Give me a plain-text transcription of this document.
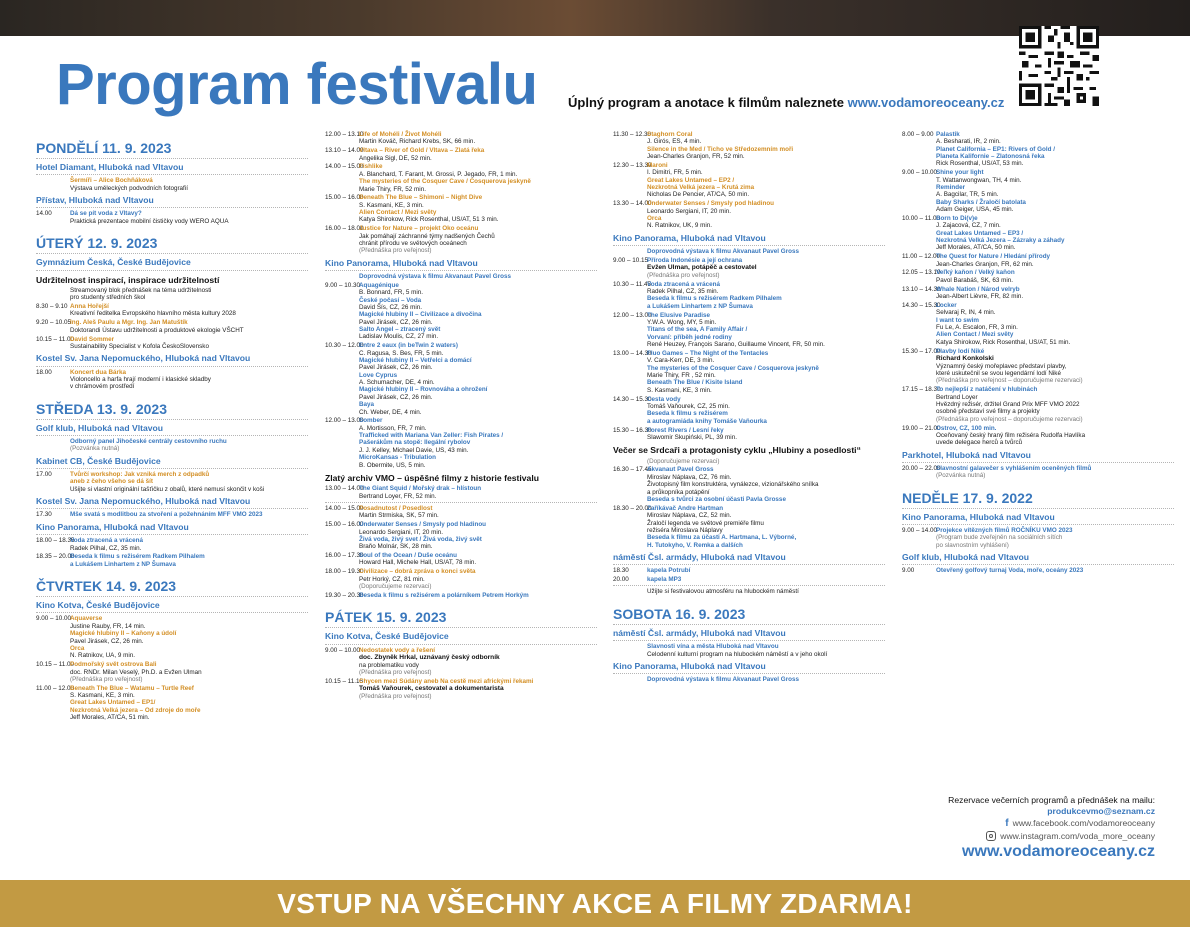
Program festivalu Úplný program a anotace k filmům naleznete www.vodamoreoceany.cz
PONDĚLÍ 11. 9. 2023
Hotel Diamant, Hluboká nad Vltavou
Šermíři – Alice Bochňáková
Výstava uměleckých podvodních fotografií
Přístav, Hluboká nad Vltavou
14.00	Dá se pít voda z Vltavy?
Praktická prezentace mobilní čističky vody WERO AQUA
ÚTERÝ 12. 9. 2023
Gymnázium Česká, České Budějovice
Udržitelnost inspirací, inspirace udržitelností
Streamovaný blok přednášek na téma udržitelnosti
pro studenty středních škol
8.30 – 9.10 Anna Hořejší
Kreativní ředitelka Evropského hlavního města kultury 2028
9.20 – 10.05
Ing. Aleš Paulu a Mgr. Ing. Jan Matuštík
Doktorandi Ústavu udržitelnosti a produktové ekologie VŠCHT
10.15 – 11.00
David Sommer
Sustainability Specialist v Kofola ČeskoSlovensko
Kostel Sv. Jana Nepomuckého, Hluboká nad Vltavou
18.00	Koncert dua Bárka
Violoncello a harfa hrají moderní i klasické skladby
v chrámovém prostředí
STŘEDA 13. 9. 2023
Golf klub, Hluboká nad Vltavou
Odborný panel Jihočeské centrály cestovního ruchu
(Pozvánka nutná)
Kabinet CB, České Budějovice
17.00	Tvůrčí workshop: Jak vzniká merch z odpadků
aneb z čeho všeho se dá šít
Ušijte si vlastní originální tašťičku z obalů, které nemusí skončit v koši
Kostel Sv. Jana Nepomuckého, Hluboká nad Vltavou
17.30	Mše svatá s modlitbou za stvoření a požehnáním MFF VMO 2023
Kino Panorama, Hluboká nad Vltavou
18.00 – 18.35
Voda ztracená a vrácená
Radek Pilhal, CZ, 35 min.
18.35 – 20.00
Beseda k filmu s režisérem Radkem Pilhalem
a Lukášem Linhartem z NP Šumava
ČTVRTEK 14. 9. 2023
Kino Kotva, České Budějovice
9.00 – 10.00
Aquaverse
Justine Rauby, FR, 14 min.
Magické hlubiny II – Kaňony a údolí
Pavel Jirásek, CZ, 26 min.
Orca
N. Ratnikov, UA, 9 min.
10.15 – 11.00
Podmořský svět ostrova Bali
doc. RNDr. Milan Veselý, Ph.D. a Evžen Ulman
(Přednáška pro veřejnost)
11.00 – 12.00
Beneath The Blue – Watamu – Turtle Reef
S. Kasmani, KE, 3 min.
Great Lakes Untamed – EP1/
Nezkrotná Velká jezera – Od zdroje do moře
Jeff Morales, AT/CA, 51 min.
12.00 – 13.10
Life of Mohéli / Život Mohéli
Martin Kováč, Richard Krebs, SK, 66 min.
13.10 – 14.00
Vltava – River of Gold / Vltava – Zlatá řeka
Angelika Sigl, DE, 52 min.
14.00 – 15.00
Fishlike
A. Blanchard, T. Farant, M. Grossi, P. Jegado, FR, 1 min.
The mysteries of the Cosquer Cave / Cosquerova jeskyně
Marie Thiry, FR, 52 min.
15.00 – 16.00
Beneath The Blue – Shimoni – Night Dive
S. Kasmani, KE, 3 min.
Alien Contact / Mezi světy
Katya Shirokow, Rick Rosenthal, US/AT, 51 3 min.
16.00 – 18.00
Justice for Nature – projekt Oko oceánu
Jak pomáhají záchranné týmy nadšených Čechů
chránit přírodu ve světových oceánech
(Přednáška pro veřejnost)
Kino Panorama, Hluboká nad Vltavou
Doprovodná výstava k filmu Akvanaut Pavel Gross
9.00 – 10.30
Aquagénique
B. Bonnard, FR, 5 min.
České počasí – Voda
David Šís, CZ, 26 min.
Magické hlubiny II – Civilizace a divočina
Pavel Jirásek, CZ, 26 min.
Salto Angel – ztracený svět
Ladislav Moulis, CZ, 27 min.
10.30 – 12.00
Entre 2 eaux (in beTwin 2 waters)
C. Ragusa, S. Bes, FR, 5 min.
Magické hlubiny II – Vetřelci a domácí
Pavel Jirásek, CZ, 26 min.
Love Cyprus
A. Schumacher, DE, 4 min.
Magické hlubiny II – Rovnováha a ohrožení
Pavel Jirásek, CZ, 26 min.
Baya
Ch. Weber, DE, 4 min.
12.00 – 13.00
Somber
A. Mortisson, FR, 7 min.
Trafficked with Mariana Van Zeller: Fish Pirates /
Pašerákům na stopě: Ilegální rybolov
J. J. Kelley, Michael Davie, US, 43 min.
MicroKansas - Tribulation
B. Obermite, US, 5 min.
Zlatý archiv VMO – úspěšné filmy z historie festivalu
13.00 – 14.00
The Giant Squid / Mořský drak – hlístoun
Bertrand Loyer, FR, 52 min.
14.00 – 15.00
Posadnutost / Posedlost
Martin Strmiska, SK, 57 min.
15.00 – 16.00
Underwater Senses / Smysly pod hladinou
Leonardo Sergiani, IT, 20 min.
Živá voda, živý svet / Živá voda, živý svět
Braňo Molnár, SK, 28 min.
16.00 – 17.30
Soul of the Ocean / Duše oceánu
Howard Hall, Michele Hall, US/AT, 78 min.
18.00 – 19.30
Civilizace – dobrá zpráva o konci světa
Petr Horký, CZ, 81 min.
(Doporučujeme rezervaci)
19.30 – 20.30
Beseda k filmu s režisérem a polárníkem Petrem Horkým
PÁTEK 15. 9. 2023
Kino Kotva, České Budějovice
9.00 – 10.00
Nedostatek vody a řešení
doc. Zbyněk Hrkal, uznávaný český odborník
na problematiku vody
(Přednáška pro veřejnost)
10.15 – 11.15
Chycen mezi Súdány aneb Na cestě mezi africkými řekami
Tomáš Vaňourek, cestovatel a dokumentarista
(Přednáška pro veřejnost)
11.30 – 12.30
Staghorn Coral
J. Girós, ES, 4 min.
Silence in the Med / Ticho ve Středozemním moři
Jean-Charles Granjon, FR, 52 min.
12.30 – 13.30
Maroni
I. Dimitri, FR, 5 min.
Great Lakes Untamed – EP2 /
Nezkrotná Velká jezera – Krutá zima
Nicholas De Pencier, AT/CA, 50 min.
13.30 – 14.00
Underwater Senses / Smysly pod hladinou
Leonardo Sergiani, IT, 20 min.
Orca
N. Ratnikov, UK, 9 min.
Kino Panorama, Hluboká nad Vltavou
Doprovodná výstava k filmu Akvanaut Pavel Gross
9.00 – 10.15
Příroda Indonésie a její ochrana
Evžen Ulman, potápěč a cestovatel
(Přednáška pro veřejnost)
10.30 – 11.45
Voda ztracená a vrácená
Radek Pilhal, CZ, 35 min.
Beseda k filmu s režisérem Radkem Pilhalem
a Lukášem Linhartem z NP Šumava
12.00 – 13.00
The Elusive Paradise
Y.W.A. Wong, MY, 5 min.
Titans of the sea, A Family Affair /
Vorvaní: příběh jedné rodiny
René Heuzey, François Sarano, Guillaume Vincent, FR, 50 min.
13.00 – 14.30
Fluo Games – The Night of the Tentacles
V. Cara-Kerr, DE, 3 min.
The mysteries of the Cosquer Cave / Cosquerova jeskyně
Marie Thiry, FR , 52 min.
Beneath The Blue / Kisite Island
S. Kasmani, KE, 3 min.
14.30 – 15.30
Cesta vody
Tomáš Vaňourek, CZ, 25 min.
Beseda k filmu s režisérem
a autogramiáda knihy Tomáše Vaňourka
15.30 – 16.30
Forest Rivers / Lesní řeky
Slawomir Skupiński, PL, 39 min.
Večer se Srdcaři a protagonisty cyklu „Hlubiny a posedlosti“
(Doporučujeme rezervaci)
16.30 – 17.45
Akvanaut Pavel Gross
Miroslav Náplava, CZ, 76 min.
Životopisný film konstruktéra, vynálezce, vizionářského snílka
a průkopníka potápění
Beseda s tvůrci za osobní účasti Pavla Grosse
18.30 – 20.00
Zaříkávač Andre Hartman
Miroslav Náplava, CZ, 52 min.
Žraločí legenda ve světové premiéře filmu
režiséra Miroslava Náplavy
Beseda k filmu za účasti A. Hartmana, L. Výborné,
H. Tutokyho, V. Remka a dalších
náměstí Čsl. armády, Hluboká nad Vltavou
18.30	kapela Potrubí
20.00	kapela MP3
Užijte si festivalovou atmosféru na hlubockém náměstí
SOBOTA 16. 9. 2023
náměstí Čsl. armády, Hluboká nad Vltavou
Slavnosti vína a města Hluboká nad Vltavou
Celodenní kulturní program na hlubockém náměstí a v jeho okolí
Kino Panorama, Hluboká nad Vltavou
Doprovodná výstava k filmu Akvanaut Pavel Gross
8.00 – 9.00 Palastik
A. Besharati, IR, 2 min.
Planet California – EP1: Rivers of Gold /
Planeta Kalifornie – Zlatonosná řeka
Rick Rosenthal, US/AT, 53 min.
9.00 – 10.00
Shine your light
T. Wattanwongwan, TH, 4 min.
Reminder
A. Bagcilar, TR, 5 min.
Baby Sharks / Žraločí batolata
Adam Geiger, USA, 45 min.
10.00 – 11.00
Born to Di(v)e
J. Zajacová, CZ, 7 min.
Great Lakes Untamed – EP3 /
Nezkrotná Velká Jezera – Zázraky a záhady
Jeff Morales, AT/CA, 50 min.
11.00 – 12.00
The Quest for Nature / Hledání přírody
Jean-Charles Granjon, FR, 62 min.
12.05 – 13.10
Veľký kaňon / Velký kaňon
Pavol Barabáš, SK, 63 min.
13.10 – 14.30
Whale Nation / Národ velryb
Jean-Albert Lièvre, FR, 82 min.
14.30 – 15.30
Locker
Selvaraj R, IN, 4 min.
I want to swim
Fu Le, A. Escalon, FR, 3 min.
Alien Contact / Mezi světy
Katya Shirokow, Rick Rosenthal, US/AT, 51 min.
15.30 – 17.00
Plavby lodí Niké
Richard Konkolski
Významný český mořeplavec představí plavby,
které uskutečnil se svou legendární lodí Niké
(Přednáška pro veřejnost – doporučujeme rezervaci)
17.15 – 18.30
To nejlepší z natáčení v hlubinách
Bertrand Loyer
Hvězdný režisér, držitel Grand Prix MFF VMO 2022
osobně představí své filmy a projekty
(Přednáška pro veřejnost – doporučujeme rezervaci)
19.00 – 21.00
Ostrov, CZ, 100 min.
Oceňovaný český hraný film režiséra Rudolfa Havlíka
uvede delegace herců a tvůrců
Parkhotel, Hluboká nad Vltavou
20.00 – 22.00
Slavnostní galavečer s vyhlášením oceněných filmů
(Pozvánka nutná)
NEDĚLE 17. 9. 2022
Kino Panorama, Hluboká nad Vltavou
9.00 – 14.00
Projekce vítězných filmů ROČNÍKU VMO 2023
(Program bude zveřejněn na sociálních sítích
po slavnostním vyhlášení)
Golf klub, Hluboká nad Vltavou
9.00	Otevřený golfový turnaj Voda, moře, oceány 2023
Rezervace večerních programů a přednášek na mailu:
produkcevmo@seznam.cz
f www.facebook.com/vodamoreoceany
www.instagram.com/voda_more_oceany
www.vodamoreoceany.cz
VSTUP NA VŠECHNY AKCE A FILMY ZDARMA!
